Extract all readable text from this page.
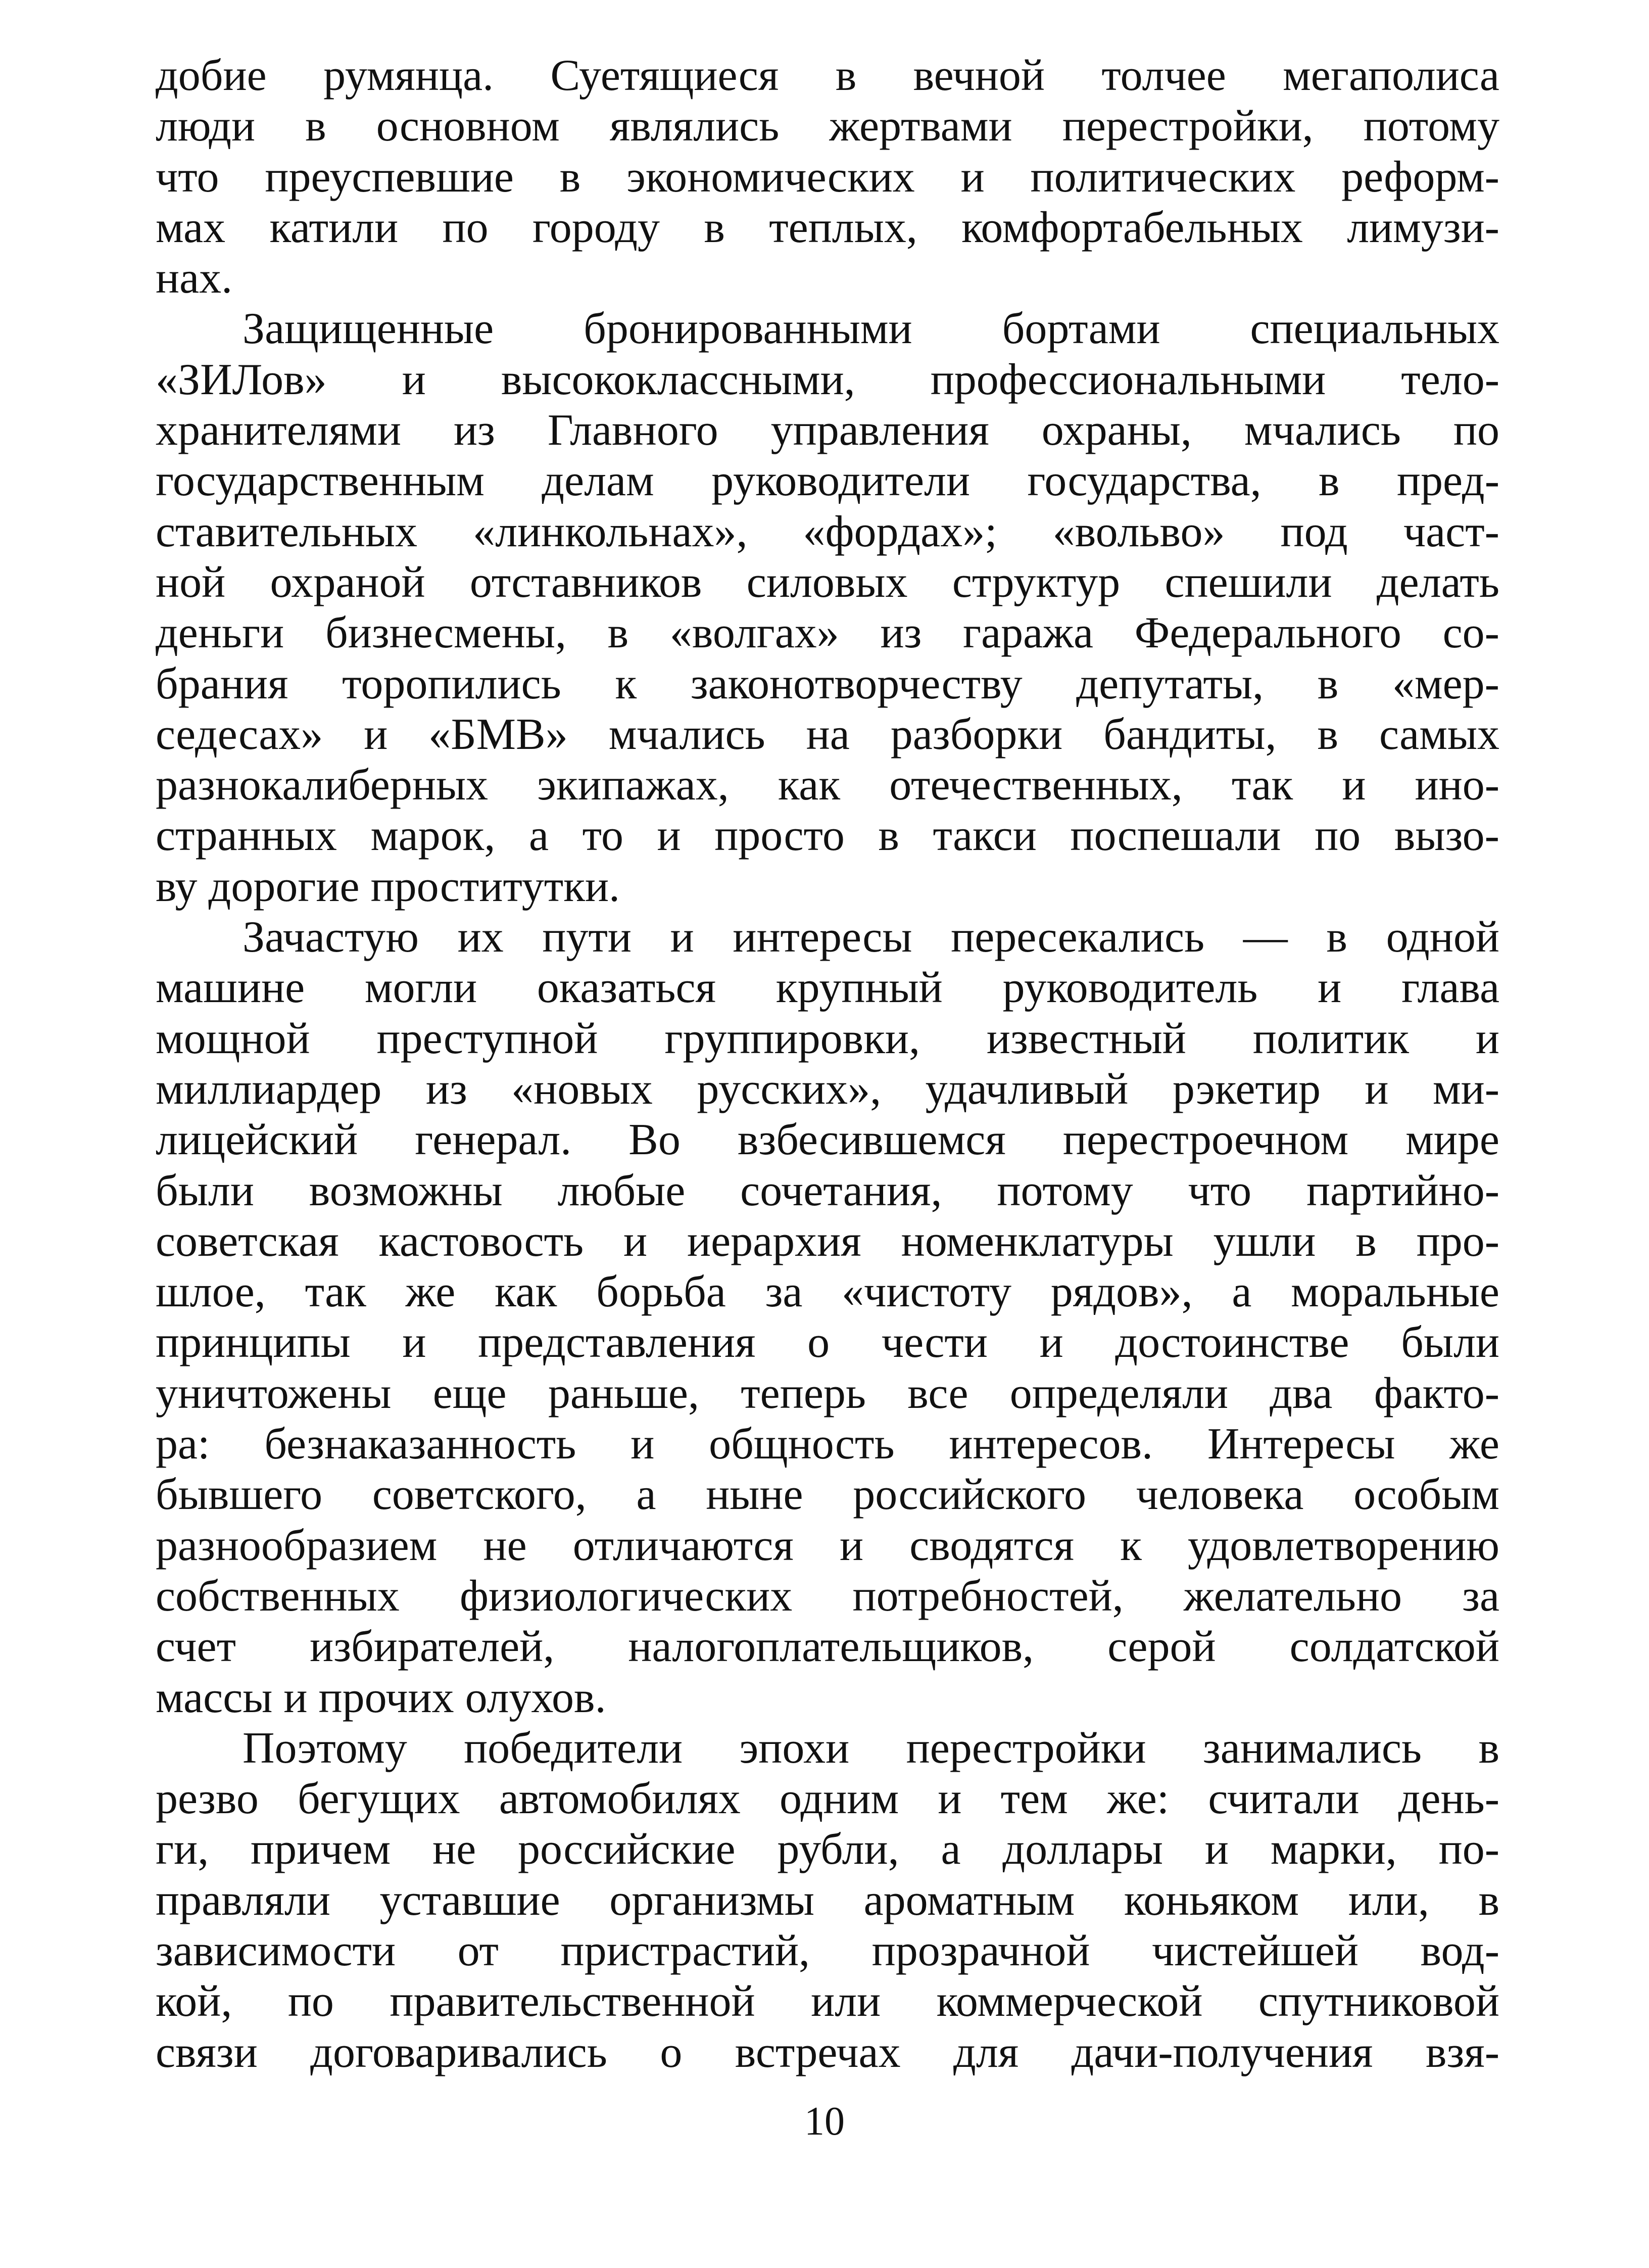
добие румянца. Суетящиеся в вечной толчее мегаполиса
люди в основном являлись жертвами перестройки, потому
что преуспевшие в экономических и политических реформ-
мах катили по городу в теплых, комфортабельных лимузи-
нах.
Защищенные бронированными бортами специальных
«ЗИЛов» и высококлассными, профессиональными тело-
хранителями из Главного управления охраны, мчались по
государственным делам руководители государства, в пред-
ставительных «линкольнах», «фордах»; «вольво» под част-
ной охраной отставников силовых структур спешили делать
деньги бизнесмены, в «волгах» из гаража Федерального со-
брания торопились к законотворчеству депутаты, в «мер-
седесах» и «БМВ» мчались на разборки бандиты, в самых
разнокалиберных экипажах, как отечественных, так и ино-
странных марок, а то и просто в такси поспешали по вызо-
ву дорогие проститутки.
Зачастую их пути и интересы пересекались — в одной
машине могли оказаться крупный руководитель и глава
мощной преступной группировки, известный политик и
миллиардер из «новых русских», удачливый рэкетир и ми-
лицейский генерал. Во взбесившемся перестроечном мире
были возможны любые сочетания, потому что партийно-
советская кастовость и иерархия номенклатуры ушли в про-
шлое, так же как борьба за «чистоту рядов», а моральные
принципы и представления о чести и достоинстве были
уничтожены еще раньше, теперь все определяли два факто-
ра: безнаказанность и общность интересов. Интересы же
бывшего советского, а ныне российского человека особым
разнообразием не отличаются и сводятся к удовлетворению
собственных физиологических потребностей, желательно за
счет избирателей, налогоплательщиков, серой солдатской
массы и прочих олухов.
Поэтому победители эпохи перестройки занимались в
резво бегущих автомобилях одним и тем же: считали день-
ги, причем не российские рубли, а доллары и марки, по-
правляли уставшие организмы ароматным коньяком или, в
зависимости от пристрастий, прозрачной чистейшей вод-
кой, по правительственной или коммерческой спутниковой
связи договаривались о встречах для дачи-получения взя-
10
